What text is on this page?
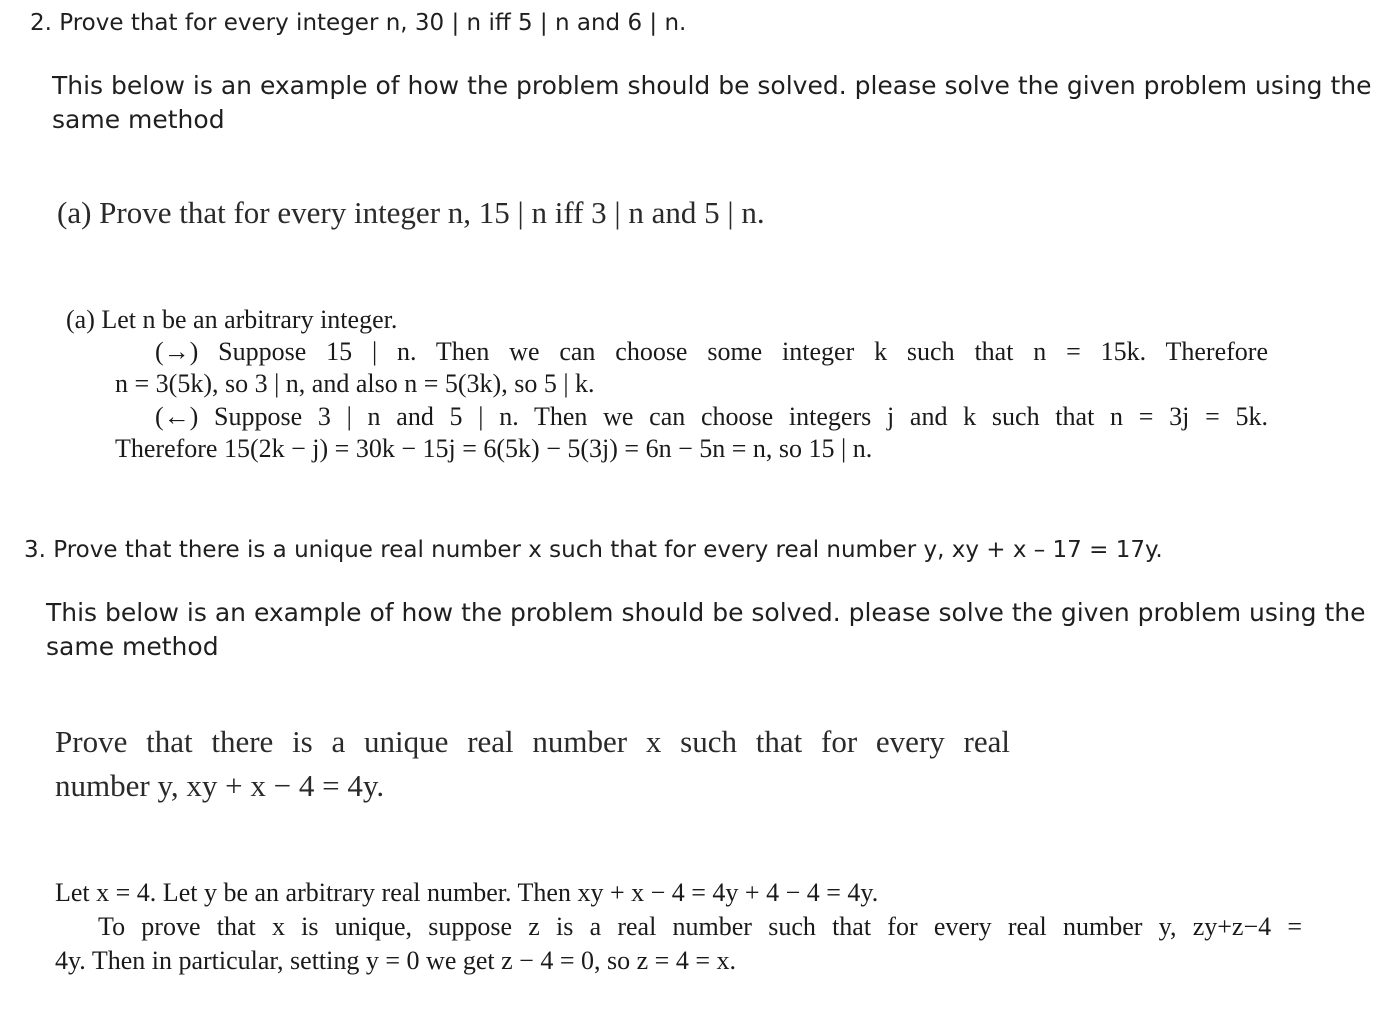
2. Prove that for every integer n, 30 | n iff 5 | n and 6 | n.
This below is an example of how the problem should be solved. please solve the given problem using the
same method
(a) Prove that for every integer n, 15 | n iff 3 | n and 5 | n.
(a) Let n be an arbitrary integer.
(→) Suppose 15 | n. Then we can choose some integer k such that n = 15k. Therefore
n = 3(5k), so 3 | n, and also n = 5(3k), so 5 | k.
(←) Suppose 3 | n and 5 | n. Then we can choose integers j and k such that n = 3j = 5k.
Therefore 15(2k − j) = 30k − 15j = 6(5k) − 5(3j) = 6n − 5n = n, so 15 | n.
3. Prove that there is a unique real number x such that for every real number y, xy + x – 17 = 17y.
This below is an example of how the problem should be solved. please solve the given problem using the
same method
Prove that there is a unique real number x such that for every real
number y, xy + x − 4 = 4y.
Let x = 4. Let y be an arbitrary real number. Then xy + x − 4 = 4y + 4 − 4 = 4y.
To prove that x is unique, suppose z is a real number such that for every real number y, zy+z−4 =
4y. Then in particular, setting y = 0 we get z − 4 = 0, so z = 4 = x.
